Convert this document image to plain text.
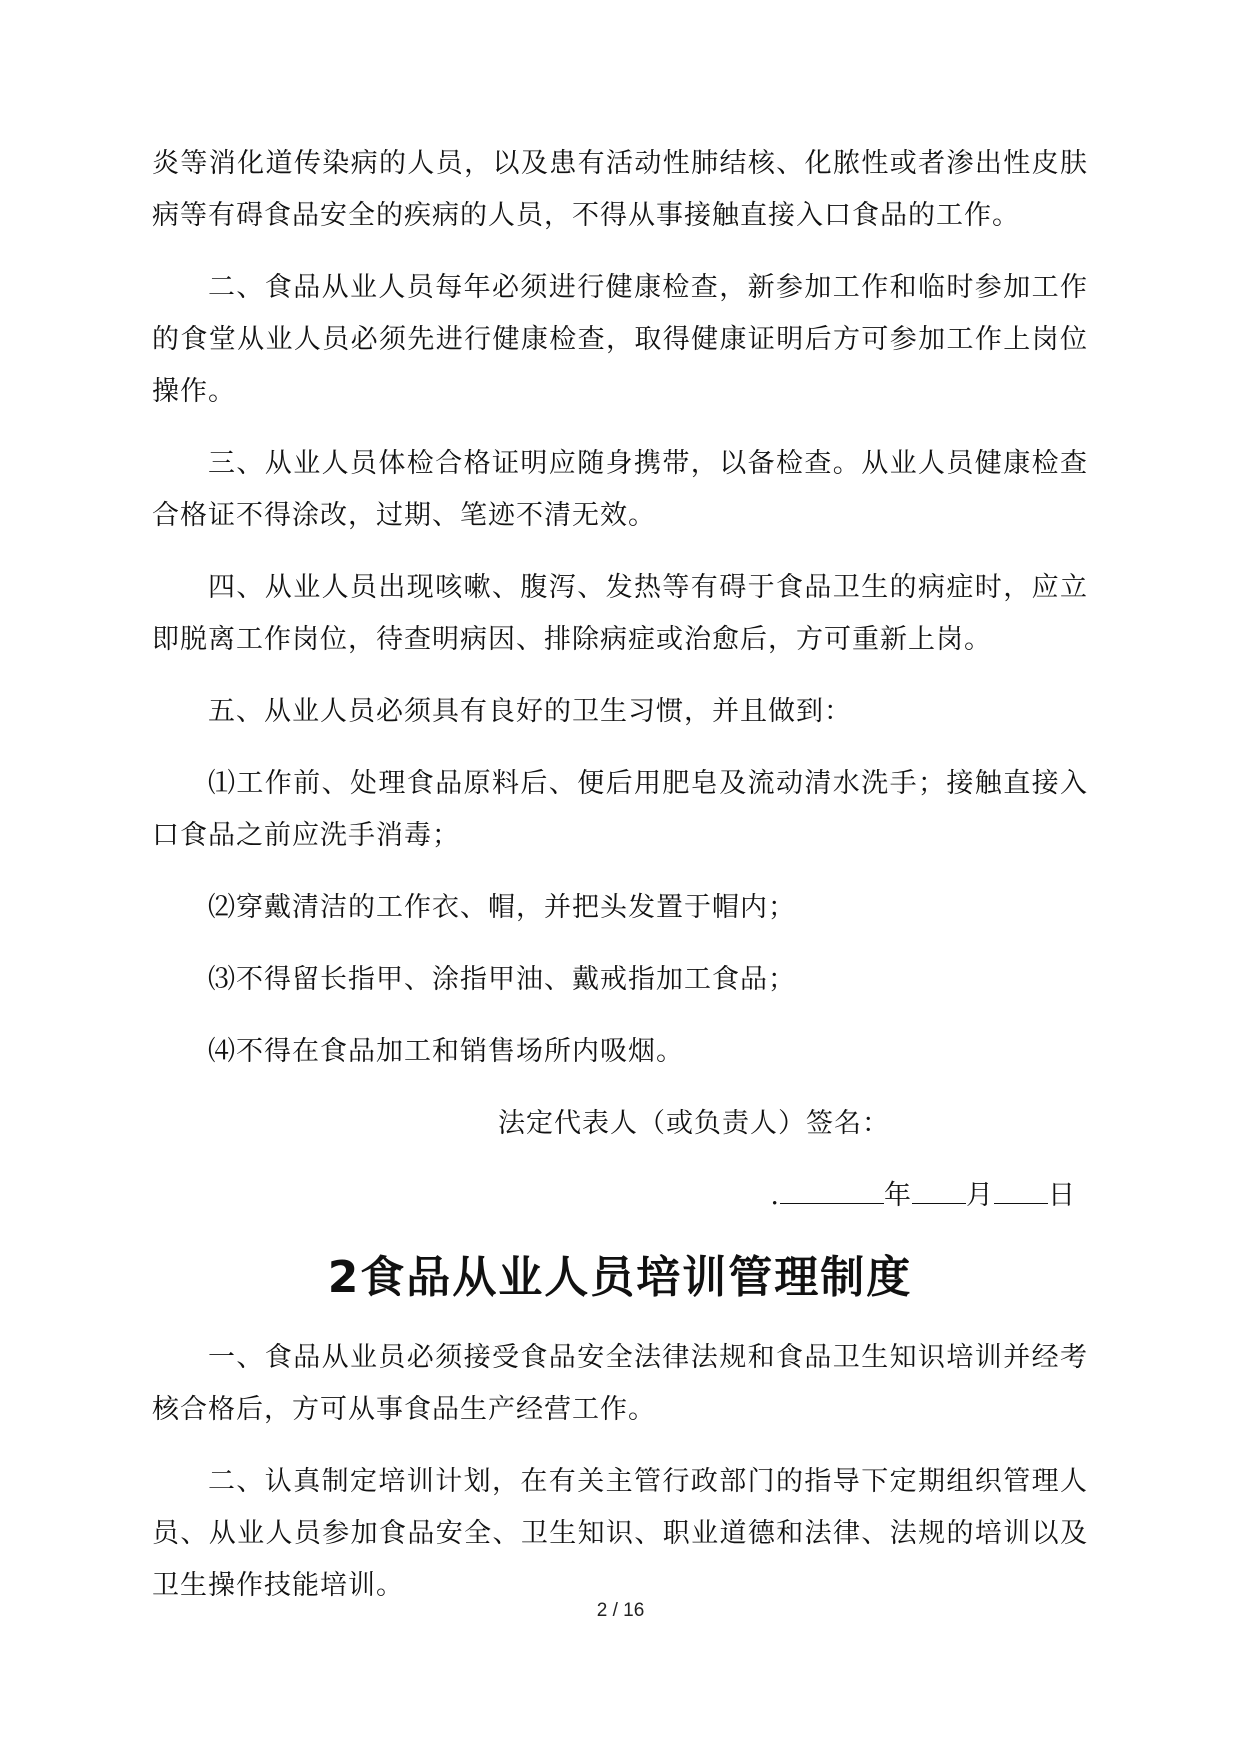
炎等消化道传染病的人员，以及患有活动性肺结核、化脓性或者渗出性皮肤病等有碍食品安全的疾病的人员，不得从事接触直接入口食品的工作。

二、食品从业人员每年必须进行健康检查，新参加工作和临时参加工作的食堂从业人员必须先进行健康检查，取得健康证明后方可参加工作上岗位操作。

三、从业人员体检合格证明应随身携带，以备检查。从业人员健康检查合格证不得涂改，过期、笔迹不清无效。

四、从业人员出现咳嗽、腹泻、发热等有碍于食品卫生的病症时，应立即脱离工作岗位，待查明病因、排除病症或治愈后，方可重新上岗。

五、从业人员必须具有良好的卫生习惯，并且做到：

⑴工作前、处理食品原料后、便后用肥皂及流动清水洗手；接触直接入口食品之前应洗手消毒；

⑵穿戴清洁的工作衣、帽，并把头发置于帽内；

⑶不得留长指甲、涂指甲油、戴戒指加工食品；

⑷不得在食品加工和销售场所内吸烟。

法定代表人（或负责人）签名：

.	年 月 日

2食品从业人员培训管理制度

一、食品从业员必须接受食品安全法律法规和食品卫生知识培训并经考核合格后，方可从事食品生产经营工作。

二、认真制定培训计划，在有关主管行政部门的指导下定期组织管理人员、从业人员参加食品安全、卫生知识、职业道德和法律、法规的培训以及卫生操作技能培训。

2 / 16
